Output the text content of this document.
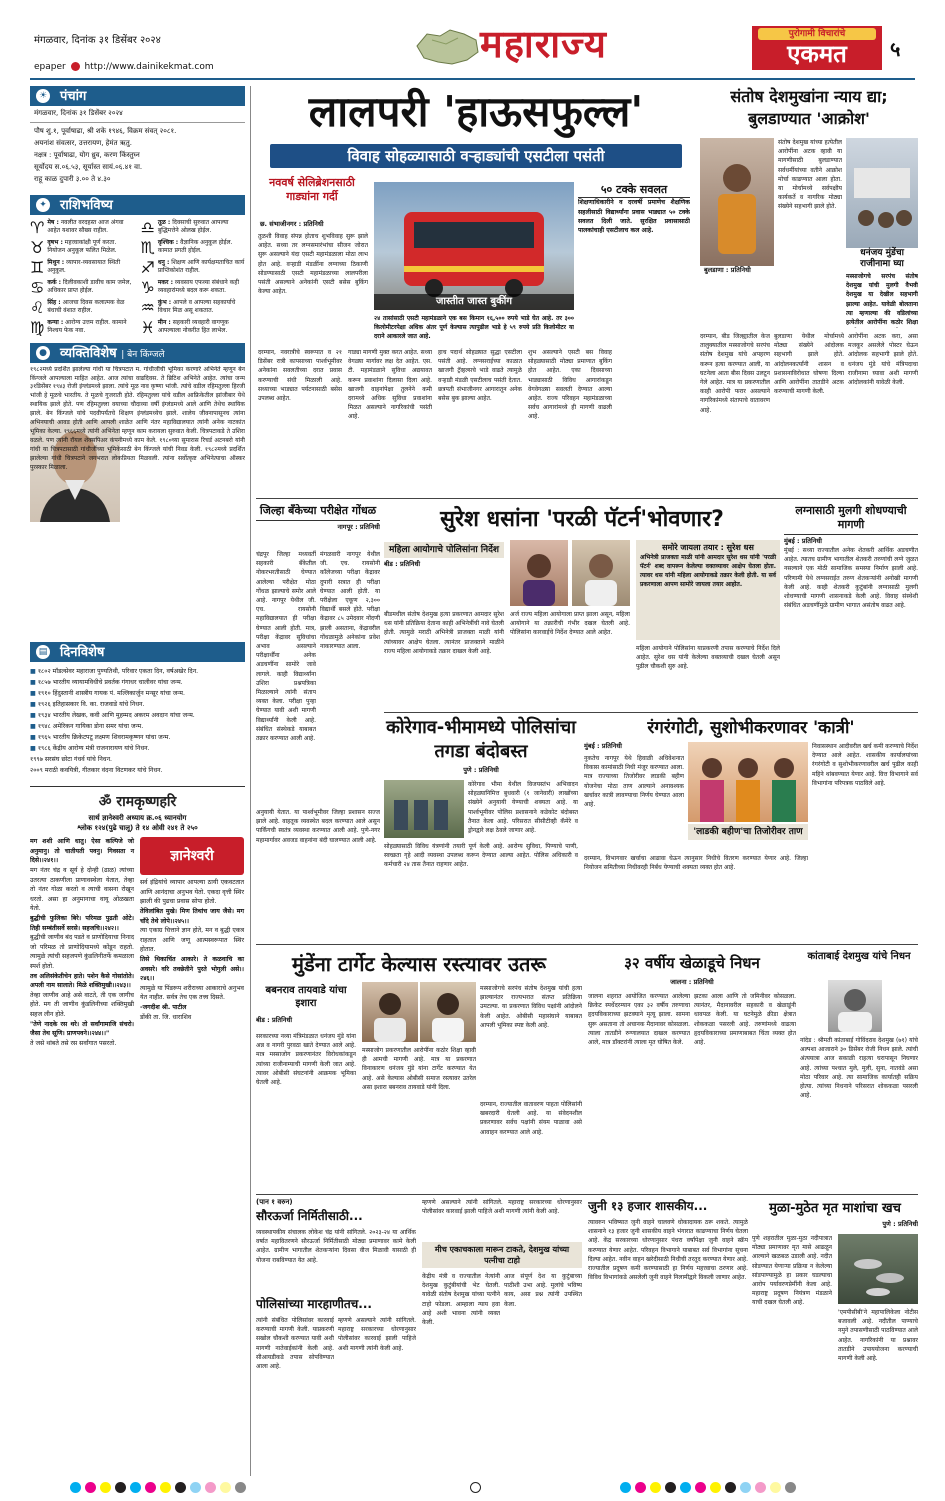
मंगळवार, दिनांक ३१ डिसेंबर २०२४
epaper http://www.dainikekmat.com
महाराज्य	पुरोगामी विचारांचे
एकमत	५
☀ पंचांग
मंगळवार, दिनांक ३१ डिसेंबर २०२४
पौष शु.१, पूर्वाषाढा, श्री शके १९४६, विक्रम संवत् २०८१.
अयनांश संवत्सर, उत्तरायण, हेमंत ऋतु.
नक्षत्र : पूर्वाषाढा, योग ध्रुव, करण किंस्तुघ्न
सूर्योदय स.०६.५३, सूर्यास्त सायं.०६.४१ वा.
राहू काळ दुपारी ३.०० ते ४.३०
✦ राशिभविष्य
♈ मेष : नवलीत वरदहस्त आज अंगवा आहेत यशावर सौख्य राहील.	♎ तूळ : दिवसाची सुरुवात आपल्या बुद्धिमत्तेने ओलख होईल.
♉ वृषभ : महत्त्वाकांक्षी पूर्ण करता. नियोजन अनुकूल फलित मिळेल.	♏ वृश्चिक : वैज्ञानिक अनुकूल होईल. कामात प्रगती होईल.
♊ मिथुन : व्यापार-व्यवसायात स्थिती अनुकूल.	♐ धनु : शिक्षण आणि कार्यक्षमताचित कार्य प्राप्तिकोशंत राहील.
♋ कर्क : दिलीवकाशी डावीच काम जमेल, अधिकार प्राप्त होईल.	♑ मकर : व्यवसाय एफव्या संबंधाने कही व्यवहारांमध्ये बदल करू शकता.
♌ सिंह : आजचा दिवस कलात्मक वेळ बंधाची वंशात राहील.	♒ कुंभ : आपले व आपल्या सहकार्याचे विचार मिळ असू शकतात.
♍ कन्या : आरोग्य उत्तम राहील. कामाने निश्चय फेक नवा.	♓ मीन : सहकारी व्यवहारी वागणूक आपल्याला नोकरीत हित लाभेल.
● व्यक्तिविशेष | बेन किंग्जले
१९८२मध्ये प्रदर्शित झालेल्या गांधी या चित्रपटात म. गांधीजींची भूमिका करणारे अभिनेते म्हणून बेन किंग्जले आपल्याला माहित आहेत. आज त्यांचा वाढदिवस. ते ब्रिटिश अभिनेते आहेत. त्यांचा जन्म ३१डिसेंबर १९४३ रोजी इंग्लंडमध्ये झाला. त्यांचे मूळ नाव कृष्णा भांजी. त्यांचे वडील रहिमतुल्ला हिरजी भांजी हे मूळचे भारतीय. ते मूळचे गुजराती होते. रहिमतुल्ला यांचे वडील आफ्रिकेतील झांजीबार येथे स्थायिक झाले होते. पण रहिमतुल्ला वयाच्या चौदाव्या वर्षी इंग्लंडमध्ये आले आणि तेथेच स्थायिक झाले. बेन किंग्जले यांचे पदवीपर्यंतचे शिक्षण इंग्लंडमध्येच झाले. शालेय जीवनापासूनच त्यांना अभिनयाची आवड होती आणि आपली शाळेत आणि नंतर महाविद्यालयात त्यांनी अनेक नाटकांत भूमिका केल्या. १९६६मध्ये त्यांनी अभिनेता म्हणून काम करायला सुरुवात केली. चित्रपटाकडे ते उशिरा वळले. पण त्यांनी रॉयल शेक्सपिअर कंपनीमध्ये काम केले. १९८०च्या सुमारास रिचर्ड अटनबरो यांनी गांधी या चित्रपटासाठी गांधीजींच्या भूमिकेसाठी बेन किंग्जले यांची निवड केली. १९८२मध्ये प्रदर्शित झालेल्या गांधी चित्रपटाने जगभरात लोकप्रियता मिळवली. त्यांना सर्वोत्कृष्ट अभिनेत्याचा ऑस्कर पुरस्कार मिळाला.
▤ दिनविशेष
■ १८०२ मॉडल्सेवर महाराजा पुण्यतिथी, परिवार एकता दिन, वर्षअखेर दिन.
■ १८५७ भारतीय व्यायामविधीचे प्रवर्तक गंगाधर चालीवर यांचा जन्म.
■ १९१० हिंदुस्तानी शास्त्रीय गायक पं. मल्लिकार्जुन मन्सूर यांचा जन्म.
■ १९२६ इतिहासकार वि. का. राजवाडे यांचे निधन.
■ १९३४ भारतीय लेखक, कवी आणि मुहम्मद अकरम अवदान यांचा जन्म.
■ १९४८ अमेरिकन गायिका डोना समर यांचा जन्म.
■ १९६५ भारतीय क्रिकेटपटू लक्ष्मण शिवरामकृष्णन यांचा जन्म.
■ १९८६ केंद्रीय आरोग्य मंत्री राजनारायण यांचे निधन.
१९९७ सरसंघ छोटा गंधर्व यांचे निधन.
२००९ मराठी कवयित्री, गीतकार वंदना विटणकर यांचे निधन.
ॐ रामकृष्णहरि
सार्थ ज्ञानेश्वरी अध्याय क्र.०६ ध्यानयोग
श्लोक १२४(पुढे चालू) ते १४ ओवी २४१ ते २५०
मग शशी आणि धातु। ऐसा कल्पिजे जो अनुमानु। तो चातीयती पवनु। गिवसता न दिसे।।२४१।।
मग नंतर चंद्र व सूर्य हे दोन्ही (ढाळ) त्यांच्या उतरत्या ठाकणीला प्राणावस्थेला येतात, तेव्हा तो नंतर गोळा करतो व त्याची वासना रोखून धरतो. असा हा अनुमानाचा वायू ओळखता येतो.
बुद्धीची फुलिका बिरे। परिमळ पुढती ओटे। तिही सम्बंतीसर्वे सरसे। सहजचि।।२४२।।
बुद्धीची जाणीव बंद पडते व प्राणोदियाचा निनाद जो परिमळ तो प्राणोदियामध्ये कोंडून राहतो. त्यामुळे त्यांची सहजपणे कुंडलिनीतर्फे कमळाला स्पर्श होतो.
तव अलिसंकेतीचेन हाते। पशेन कैसे गोसांतोते। अपली नाम सालाते। मिळे शक्तिमुखी।।२४३।।
तेव्हा जाणीव आहे असे वाटते, ती एक जागीच होते. मग ती जाणीव कुंडलिनीच्या शक्तिमुखी सहज लीन होते.
"तेणे नादके रस थरे। तो सर्वांगामाजि संचरो। जैसा तेथ सूणि। प्राणपवने।।२४४।।"
ते जसे थांबते तसे रस सर्वांगात पसरतो.
ज्ञानेश्वरी
सर्व इंद्रियांचे व्यापार आपल्या ठायी एकवटतात आणि आनंदाचा अनुभव येतो. एकदा वृत्ती स्थिर झाली की पुढचा प्रवास सोपा होतो.
तेविलांबित मुखे। मिण तिथांच जाय जैसे। मग चाँदे तेथे लोपे।।२४५।।
त्या एकाग्र चित्ताने ज्ञान होते, मन व बुद्धी एकत्र राहतात आणि जणू आत्मस्वरूपात स्थिर होतात.
तिसे थिकाचिंत आकारे। ते कळवाचि का अवसरे। वरि तवछेतीने पुरते भोगुली असे।।२४६।।
त्यामुळे या पिंडरूप शरीराच्या आकाराचे अनुभव येत नाहीत. सर्वत्र तेच एक तत्त्व दिसते.
-जगदीश श्री. पाटील
डोंकी ता. जि. धाराशिव
लालपरी 'हाऊसफुल्ल'
विवाह सोहळ्यासाठी वऱ्हाड्यांची एसटीला पसंती
नववर्ष सेलिब्रेशनसाठी गाड्यांना गर्दी
छ. संभाजीनगर : प्रतिनिधी
तुळशी विवाह संपन्न होताच शुभविवाह सुरू झाले आहेत. सध्या तर लग्नसमारंभांचा सीजन जोरात सुरू असल्याने यंदा एसटी महामंडळाला मोठा लाभ होत आहे. वऱ्हाडी मंडळींना लग्नाच्या ठिकाणी सोडण्यासाठी एसटी महामंडळाच्या लालपरीला पसंती असल्याने अनेकांनी एसटी बसेस बुकिंग केल्या आहेत.
जास्तीत जास्त बुकींग
५० टक्के सवलत
शिक्षणाधिकारीने व दरवर्षी प्रमाणेच शैक्षणिक सहलीसाठी विद्यार्थ्यांना प्रवास भाड्यात ५० टक्के सवलत दिली जाते. सुरक्षित प्रवासासाठी पालकांचाही एसटीलाच कल आहे.
२४ तासांसाठी एसटी महामंडळाने एक बस किमान १६,५०० रुपये भाडे घेत आहे. तर ३०० किलोमीटरपेक्षा अधिक अंतर पूर्ण केल्यास त्यापुढील भाडे हे ५९ रुपये प्रति किलोमीटर या दराने आकारले जात आहे.
दरम्यान, नवरात्रीचे स्वरूपात व २१ डिसेंबर रात्री कापसाच्या पार्श्वभूमीवर अनेकांना सवलतीच्या दरात प्रवास करण्याची संधी मिळाली आहे. सध्याच्या भाड्यात पर्यटनासाठी बसेस उपलब्ध आहेत.
गाड्या मागणी मुक्त करत आहेत. सध्या वेगळ्या मार्गावर लक्ष देत आहेत. एस. टी. महामंडळाने सुविधा अद्ययावत करून प्रवाशांना दिलासा दिला आहे. खाजगी वाहनांपेक्षा तुलनेने कमी दरामध्ये अधिक सुविधा प्रवाशांना मिळत असल्याने नागरिकांची पसंती आहे.
हाच पदार्थ सोहळ्यात सुद्धा एसटीला पसंती आहे. लग्नसराईच्या काळात खाजगी ट्रॅव्हल्सचे भाडे वाढते त्यामुळे वऱ्हाडी मंडळी एसटीलाच पसंती देतात. छत्रपती संभाजीनगर आगारातून अनेक बसेस बुक झाल्या आहेत.
शुभ असल्याने एसटी बस विवाह सोहळ्यासाठी मोठ्या प्रमाणात बुकिंग होत आहेत. एका दिवसाच्या भाड्यासाठी विविध आगारांकडून वेगवेगळ्या सवलती देण्यात आल्या आहेत. राज्य परिवहन महामंडळाच्या सर्वच आगारांमध्ये ही मागणी वाढली आहे.
संतोष देशमुखांना न्याय द्या; बुलडाण्यात 'आक्रोश'
बुलडाणा : प्रतिनिधी
संतोष देशमुख यांच्या हत्येतील आरोपींना अटक व्हावी या मागणीसाठी बुलडाण्यात सर्वधर्मीयांच्या वतीने आक्रोश मोर्चा काढण्यात आला होता. या मोर्चामध्ये सर्वपक्षीय कार्यकर्ते व नागरिक मोठ्या संख्येने सहभागी झाले होते.
धनंजय मुंडेंचा राजीनामा घ्या
मस्साजोगचे सरपंच संतोष देशमुख यांची मुलगी वैभवी देशमुख या देखील सहभागी झाल्या आहेत. यावेळी बोलताना त्या म्हणाल्या की वडिलांच्या हत्येतील आरोपींना कठोर शिक्षा
दरम्यान, बीड जिल्ह्यातील केज तालुक्यातील मस्साजोगचे सरपंच संतोष देशमुख यांचे अपहरण करून हत्या करण्यात आली, या घटनेला आता बीस दिवस उलटून गेले आहेत. मात्र या प्रकरणातील काही आरोपी फरार असल्याने नागरिकांमध्ये संतापाचे वातावरण आहे.
बुलडाणा येथील मोर्चामध्ये मोठ्या संख्येने आंदोलक सहभागी झाले होते. आंदोलनकर्त्यांनी शासन व प्रशासनाविरोधात घोषणा दिल्या आणि आरोपींना तातडीने अटक करण्याची मागणी केली.
आरोपींना अटक करा, असा मजकूर असलेले पोस्टर घेऊन आंदोलक सहभागी झाले होते. धनंजय मुंडे यांचे मंत्रिपदाचा राजीनामा घ्यावा अशी मागणी आंदोलकांनी यावेळी केली.
जिल्हा बँकेच्या परीक्षेत गोंधळ
नागपूर : प्रतिनिधी
चंद्रपूर जिल्हा मध्यवर्ती सहकारी बँकेतील नोकरभरतीसाठी घेण्यात आलेल्या परीक्षेत मोठा गोंधळ झाल्याचे समोर आले आहे. नागपूर येथील जी. एच. रायसोनी महाविद्यालयात ही परीक्षा घेण्यात आली होती. मात्र, परीक्षा केंद्रावर सुविधांचा अभाव असल्याने परीक्षार्थींना अनेक अडचणींना सामोरे जावे लागले. काही विद्यार्थ्यांना उशिरा प्रश्नपत्रिका मिळाल्याने त्यांनी संताप व्यक्त केला. परीक्षा पुन्हा घेण्यात यावी अशी मागणी विद्यार्थ्यांनी केली आहे. संबंधित संस्थेकडे याबाबत तक्रार करण्यात आली आहे.
मंगळवारी नागपूर येथील जी. एच. रायसोनी कॉलेजच्या परीक्षा केंद्रावर दुपारी सत्रात ही परीक्षा घेण्यात आली होती. या परीक्षेला एकूण २,३०० विद्यार्थी बसले होते. परीक्षा केंद्रावर ८५ उमेदवार नोंदणी झाली असताना, केंद्रावरील गोंधळामुळे अनेकांना प्रवेश नाकारण्यात आला.
सुरेश धसांना 'परळी पॅटर्न'भोवणार?
महिला आयोगाचे पोलिसांना निर्देश
बीड : प्रतिनिधी
समोरे जायला तयार : सुरेश धस
अभिनेत्री प्राजक्ता माळी यांनी आमदार सुरेश धस यांनी 'परळी पॅटर्न' शब्द वापरून केलेल्या वक्तव्यावर आक्षेप घेतला होता. त्यावर धस यांनी महिला आयोगाकडे तक्रार केली होती. या सर्व प्रकरणाला आपण सामोरे जायला तयार आहोत.
बीडमधील संतोष देशमुख हत्या प्रकरणात आमदार सुरेश धस यांनी प्रतिक्रिया देताना काही अभिनेत्रींची नावे घेतली होती. त्यामुळे मराठी अभिनेत्री प्राजक्ता माळी यांनी त्यांच्यावर आक्षेप घेतला. त्यानंतर प्राजक्ताने माळीने राज्य महिला आयोगाकडे तक्रार दाखल केली आहे.
अर्ज राज्य महिला आयोगाला प्राप्त झाला असून, महिला आयोगाने या तक्रारीची गंभीर दखल घेतली आहे. पोलिसांना कारवाईचे निर्देश देण्यात आले आहेत.
महिला आयोगाने पोलिसांना याप्रकरणी तपास करण्याचे निर्देश दिले आहेत. सुरेश धस यांनी केलेल्या वक्तव्याची दखल घेतली असून पुढील चौकशी सुरु आहे.
लग्नासाठी मुलगी शोधण्याची मागणी
मुंबई : प्रतिनिधी
मुंबई : सध्या राज्यातील अनेक शेतकरी आर्थिक अडचणीत आहेत. त्यातच ग्रामीण भागातील शेतकरी तरुणांची लग्ने जुळत नसल्याने एक मोठी सामाजिक समस्या निर्माण झाली आहे. परिणामी येथे लग्नसराईत तरुण शेतकऱ्यांनी अनोखी मागणी केली आहे. काही शेतकरी कुटुंबांनी लग्नासाठी मुलगी शोधण्याची मागणी शासनाकडे केली आहे. विवाह संस्थेशी संबंधित अडचणींमुळे ग्रामीण भागात असंतोष वाढत आहे.
कोरेगाव-भीमामध्ये पोलिसांचा तगडा बंदोबस्त
पुणे : प्रतिनिधी
कोरेगाव भीमा येथील विजयस्तंभ अभिवादन सोहळ्यानिमित्त बुधवारी (१ जानेवारी) लाखोंच्या संख्येने अनुयायी येण्याची शक्यता आहे. या पार्श्वभूमीवर पोलिस प्रशासनाने कडेकोट बंदोबस्त तैनात केला आहे. परिसरात सीसीटीव्ही कॅमेरे व ड्रोनद्वारे लक्ष ठेवले जाणार आहे.
सोहळ्यासाठी विविध यंत्रणांनी तयारी पूर्ण केली आहे. आरोग्य सुविधा, पिण्याचे पाणी, स्वच्छता गृहे आदी व्यवस्था उपलब्ध करून देण्यात आल्या आहेत. पोलिस अधिकारी व कर्मचारी २४ तास तैनात राहणार आहेत.
अनुयायी येतात. या पार्श्वभूमीवर जिल्हा प्रशासन सज्ज झाले आहे. वाहतूक व्यवस्थेत बदल करण्यात आले असून पार्किंगची स्वतंत्र व्यवस्था करण्यात आली आहे. पुणे-नगर महामार्गावर अवजड वाहनांना बंदी घालण्यात आली आहे.
रंगरंगोटी, सुशोभीकरणावर 'कात्री'
मुंबई : प्रतिनिधी
नुकतेच नागपूर येथे हिवाळी अधिवेशनात विकास कामांसाठी निधी मंजूर करण्यात आला. मात्र राज्याच्या तिजोरीवर लाडकी बहीण योजनेचा मोठा ताण आल्याने अनावश्यक खर्चावर कात्री लावण्याचा निर्णय घेण्यात आला आहे.
'लाडकी बहीण'चा तिजोरीवर ताण
निवासस्थान आदीवरील खर्च कमी करण्याचे निर्देश देण्यात आले आहेत. शासकीय कार्यालयांच्या रंगरंगोटी व सुशोभीकरणावरील खर्च पुढील काही महिने थांबवण्यात येणार आहे. वित्त विभागाने सर्व विभागांना परिपत्रक पाठविले आहे.
दरम्यान, विभागवार खर्चाचा आढावा घेऊन त्यानुसार निधीचे वितरण करण्यात येणार आहे. जिल्हा नियोजन समितीच्या निधीवरही निर्बंध येण्याची शक्यता व्यक्त होत आहे.
मुंडेंना टार्गेट केल्यास रस्त्यावर उतरू
बबनराव तायवाडे यांचा इशारा
बीड : प्रतिनिधी
सरकारच्या नव्या मंत्रिमंडळात धनंजय मुंडे यांना अन्न व नागरी पुरवठा खाते देण्यात आले आहे. मात्र मस्साजोग प्रकरणानंतर विरोधकांकडून त्यांच्या राजीनाम्याची मागणी केली जात आहे. त्यावर ओबीसी संघटनांनी आक्रमक भूमिका घेतली आहे.
मस्साजोग प्रकरणातील आरोपींना कठोर शिक्षा व्हावी ही आमची मागणी आहे. मात्र या प्रकरणात विनाकारण धनंजय मुंडे यांना टार्गेट करण्यात येत आहे. असे केल्यास ओबीसी समाज रस्त्यावर उतरेल असा इशारा बबनराव तायवाडे यांनी दिला.
मस्साजोगचे सरपंच संतोष देशमुख यांची हत्या झाल्यानंतर राज्यभरात संतप्त प्रतिक्रिया उमटल्या. या प्रकरणात विविध पक्षांनी आंदोलने केली आहेत. ओबीसी महासंघाने याबाबत आपली भूमिका स्पष्ट केली आहे.
दरम्यान, राज्यातील वातावरण पाहता पोलिसांनी खबरदारी घेतली आहे. या संवेदनशील प्रकरणावर सर्वच पक्षांनी संयम पाळावा असे आवाहन करण्यात आले आहे.
३२ वर्षीय खेळाडूचे निधन
जालना : प्रतिनिधी
जालना शहरात आयोजित करण्यात आलेल्या क्रिकेट स्पर्धेदरम्यान एका ३२ वर्षीय तरुणाचा हृदयविकाराच्या झटक्याने मृत्यू झाला. सामना सुरू असताना तो अचानक मैदानावर कोसळला. त्याला तातडीने रुग्णालयात दाखल करण्यात आले, मात्र डॉक्टरांनी त्याला मृत घोषित केले.
झटका आला आणि तो जमिनीवर कोसळला. त्यानंतर, मैदानावरील सहकारी व खेळाडूंनी धावपळ केली. या घटनेमुळे क्रीडा क्षेत्रात शोककळा पसरली आहे. तरुणांमध्ये वाढत्या हृदयविकाराच्या प्रमाणाबाबत चिंता व्यक्त होत आहे.
कांताबाई देशमुख यांचे निधन
नांदेड : श्रीमती कांताबाई गोविंदराव देशमुख (७१) यांचे अल्पशा आजाराने ३० डिसेंबर रोजी निधन झाले. त्यांची अंत्ययात्रा आज सकाळी राहत्या घरापासून निघणार आहे. त्यांच्या पश्चात मुले, मुली, सुना, नातवंडे असा मोठा परिवार आहे. त्या सामाजिक कार्यातही सक्रिय होत्या. त्यांच्या निधनाने परिसरात शोककळा पसरली आहे.
(पान १ वरुन)
सौरऊर्जा निर्मितीसाठी...
व्यवस्थापकीय संचालक लोकेश चंद्र यांनी सांगितले. २०२३-२४ या आर्थिक वर्षात महावितरणने सौरऊर्जा निर्मितीसाठी मोठ्या प्रमाणावर कामे केली आहेत. ग्रामीण भागातील शेतकऱ्यांना दिवसा वीज मिळावी यासाठी ही योजना राबविण्यात येत आहे.
पोलिसांच्या मारहाणीतच...
त्यांनी संबंधित पोलिसांवर कारवाई करण्याची मागणी केली. याप्रकरणी सखोल चौकशी करण्यात यावी अशी मागणी नातेवाईकांनी केली आहे. सीआयडीकडे तपास सोपविण्यात आला आहे.
म्हणणे असल्याने त्यांनी सांगितले. महाराष्ट्र सरकारच्या धोरणानुसार पोलीसांवर कारवाई झाली पाहिजे अशी मागणी त्यांनी केली आहे.
म्हणणे असल्याने त्यांनी सांगितले. महाराष्ट्र सरकारच्या धोरणानुसार पोलीसांवर कारवाई झाली पाहिजे अशी मागणी त्यांनी केली आहे.
मीच एकाचकाला मारून टाकते, देशमुख यांच्या पत्नीचा टाहो
केंद्रीय मंत्री व राज्यातील नेत्यांनी देशमुख कुटुंबीयांची भेट घेतली. यावेळी संतोष देशमुख यांच्या पत्नीने टाहो फोडला. आम्हाला न्याय हवा आहे अशी भावना त्यांनी व्यक्त केली.
आज संपूर्ण देश या कुटुंबाच्या पाठीशी उभा आहे. मुलांचे भविष्य काय, असा प्रश्न त्यांनी उपस्थित केला.
जुनी १३ हजार शासकीय...
त्यावरुन भविष्यात जुनी वाहने चालवणे धोकादायक ठरू शकते. त्यामुळे शासनाने १३ हजार जुनी शासकीय वाहने भंगारात काढण्याचा निर्णय घेतला आहे. केंद्र सरकारच्या धोरणानुसार पंधरा वर्षांपेक्षा जुनी वाहने स्क्रॅप करण्यात येणार आहेत. परिवहन विभागाने याबाबत सर्व विभागांना सूचना दिल्या आहेत. नवीन वाहन खरेदीसाठी निधीची तरतूद करण्यात येणार आहे. राज्यातील प्रदूषण कमी करण्यासाठी हा निर्णय महत्त्वाचा ठरणार आहे. विविध विभागांकडे असलेली जुनी वाहने निलामीद्वारे विकली जाणार आहेत.
मुळा-मुठेत मृत माशांचा खच
पुणे : प्रतिनिधी
पुणे शहरातील मुळा-मुठा नदीपात्रात मोठ्या प्रमाणावर मृत मासे आढळून आल्याने खळबळ उडाली आहे. नदीत सोडण्यात येणाऱ्या प्रक्रिया न केलेल्या सांडपाण्यामुळे हा प्रकार घडल्याचा आरोप पर्यावरणप्रेमींनी केला आहे. महाराष्ट्र प्रदूषण नियंत्रण मंडळाने याची दखल घेतली आहे.
'एमपीसीबी'ने महापालिकेला नोटीस बजावली आहे. नदीतील पाण्याचे नमुने तपासणीसाठी पाठविण्यात आले आहेत. नागरिकांनी या प्रश्नावर तातडीने उपाययोजना करण्याची मागणी केली आहे.
